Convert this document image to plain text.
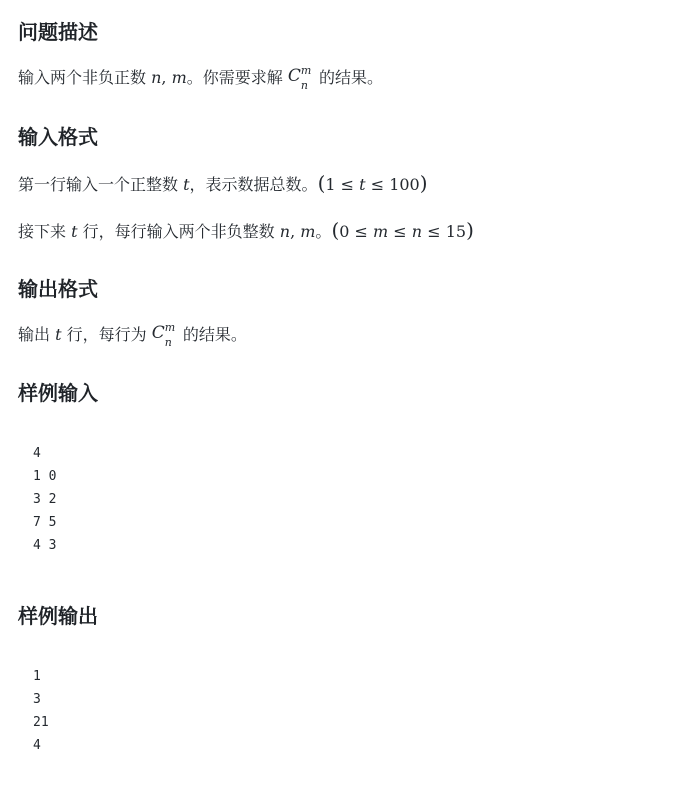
问题描述

输入两个非负正数 n, m。你需要求解 C m
n 的结果。

输入格式

第一行输入一个正整数 t，表示数据总数。(1 ≤ t ≤ 100)

接下来 t 行，每行输入两个非负整数 n, m。(0 ≤ m ≤ n ≤ 15)

输出格式

输出 t 行，每行为 C m
n 的结果。

样例输入
4
1 0
3 2
7 5
4 3
样例输出
1
3
21
4
